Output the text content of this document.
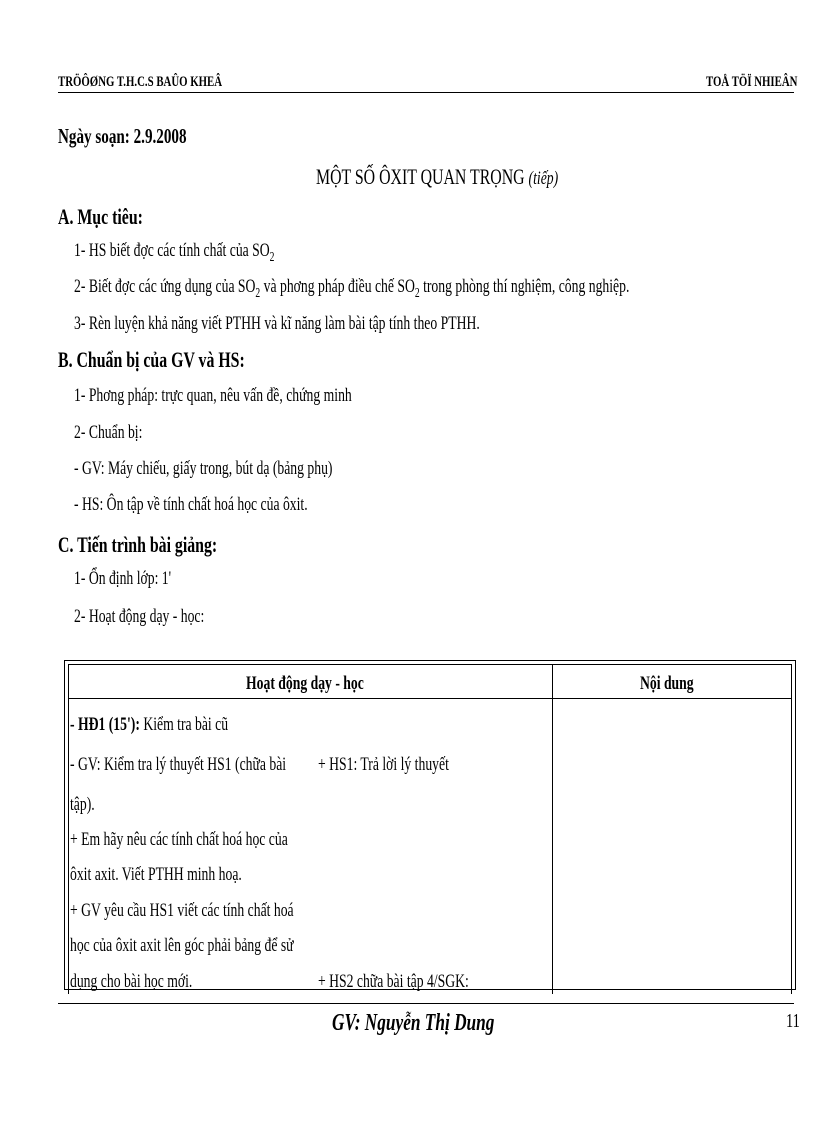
TRÖÔØNG T.H.C.S BAÛO KHEÂ	TOÅ TÖÏ NHIEÂN
Ngày soạn: 2.9.2008
MỘT SỐ ÔXIT QUAN TRỌNG (tiếp)
A. Mục tiêu:
1- HS biết đợc các tính chất của $SO_2$
2- Biết đợc các ứng dụng của $SO_2$ và phơng pháp điều chế $SO_2$ trong phòng thí nghiệm, công nghiệp.
3- Rèn luyện khả năng viết PTHH và kĩ năng làm bài tập tính theo PTHH.
B. Chuẩn bị của GV và HS:
1- Phơng pháp: trực quan, nêu vấn đề, chứng minh
2- Chuẩn bị:
- GV: Máy chiếu, giấy trong, bút dạ (bảng phụ)
- HS: Ôn tập về tính chất hoá học của ôxit.
C. Tiến trình bài giảng:
1- Ổn định lớp: 1'
2- Hoạt động dạy - học:
Hoạt động dạy - học	Nội dung
- HĐ1 (15'): Kiểm tra bài cũ
- GV: Kiểm tra lý thuyết HS1 (chữa bài	+ HS1: Trả lời lý thuyết
tập).
+ Em hãy nêu các tính chất hoá học của
ôxit axit. Viết PTHH minh hoạ.
+ GV yêu cầu HS1 viết các tính chất hoá
học của ôxit axit lên góc phải bảng để sử
dụng cho bài học mới.	+ HS2 chữa bài tập 4/SGK:
GV: Nguyễn Thị Dung	11
